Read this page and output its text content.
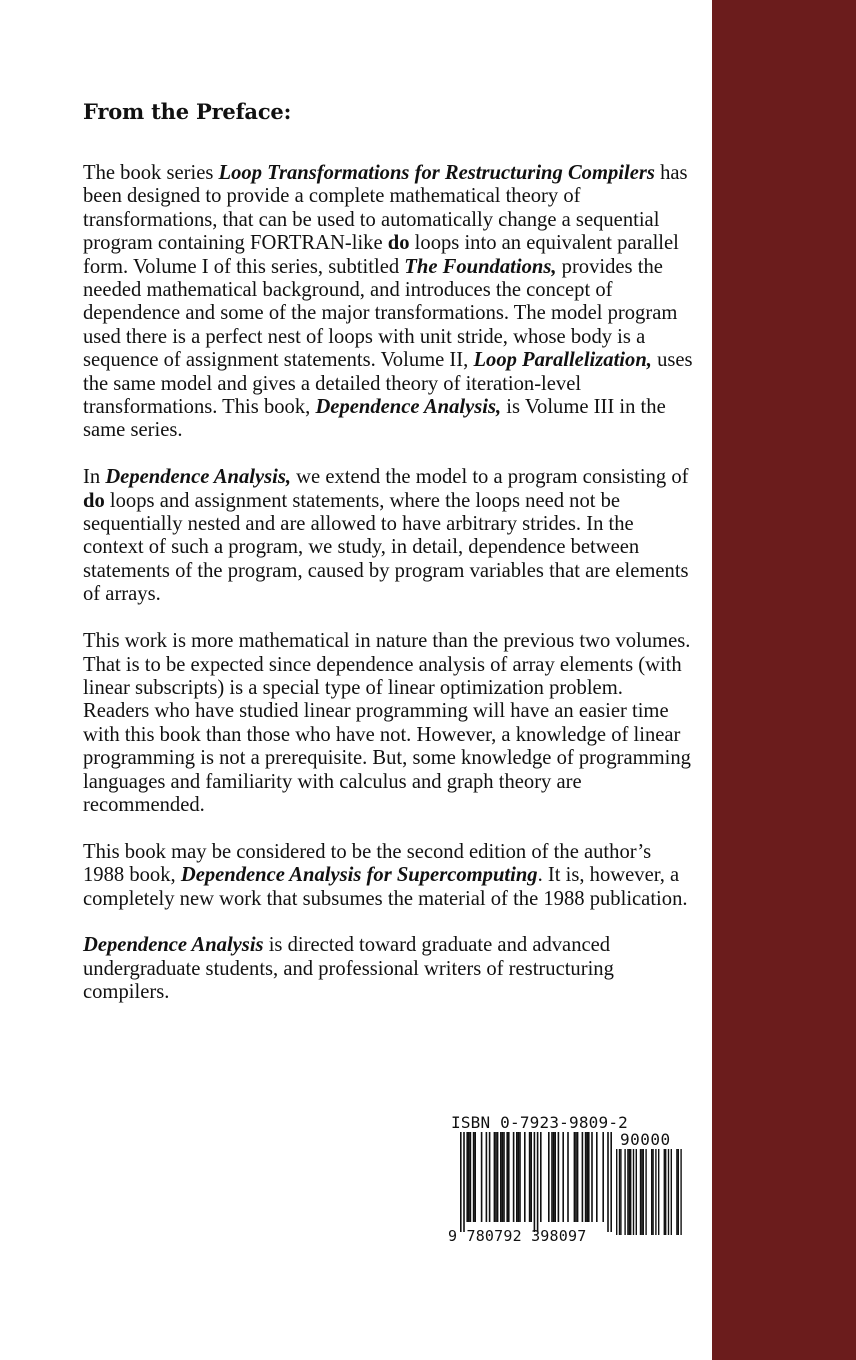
From the Preface:
The book series Loop Transformations for Restructuring Compilers has been designed to provide a complete mathematical theory of transformations, that can be used to automatically change a sequential program containing FORTRAN-like do loops into an equivalent parallel form. Volume I of this series, subtitled The Foundations, provides the needed mathematical background, and introduces the concept of dependence and some of the major transformations. The model program used there is a perfect nest of loops with unit stride, whose body is a sequence of assignment statements. Volume II, Loop Parallelization, uses the same model and gives a detailed theory of iteration-level transformations. This book, Dependence Analysis, is Volume III in the same series.
In Dependence Analysis, we extend the model to a program consisting of do loops and assignment statements, where the loops need not be sequentially nested and are allowed to have arbitrary strides. In the context of such a program, we study, in detail, dependence between statements of the program, caused by program variables that are elements of arrays.
This work is more mathematical in nature than the previous two volumes. That is to be expected since dependence analysis of array elements (with linear subscripts) is a special type of linear optimization problem. Readers who have studied linear programming will have an easier time with this book than those who have not. However, a knowledge of linear programming is not a prerequisite. But, some knowledge of programming languages and familiarity with calculus and graph theory are recommended.
This book may be considered to be the second edition of the author’s 1988 book, Dependence Analysis for Supercomputing. It is, however, a completely new work that subsumes the material of the 1988 publication.
Dependence Analysis is directed toward graduate and advanced undergraduate students, and professional writers of restructuring compilers.
ISBN 0-7923-9809-2
90000
9 780792 398097
